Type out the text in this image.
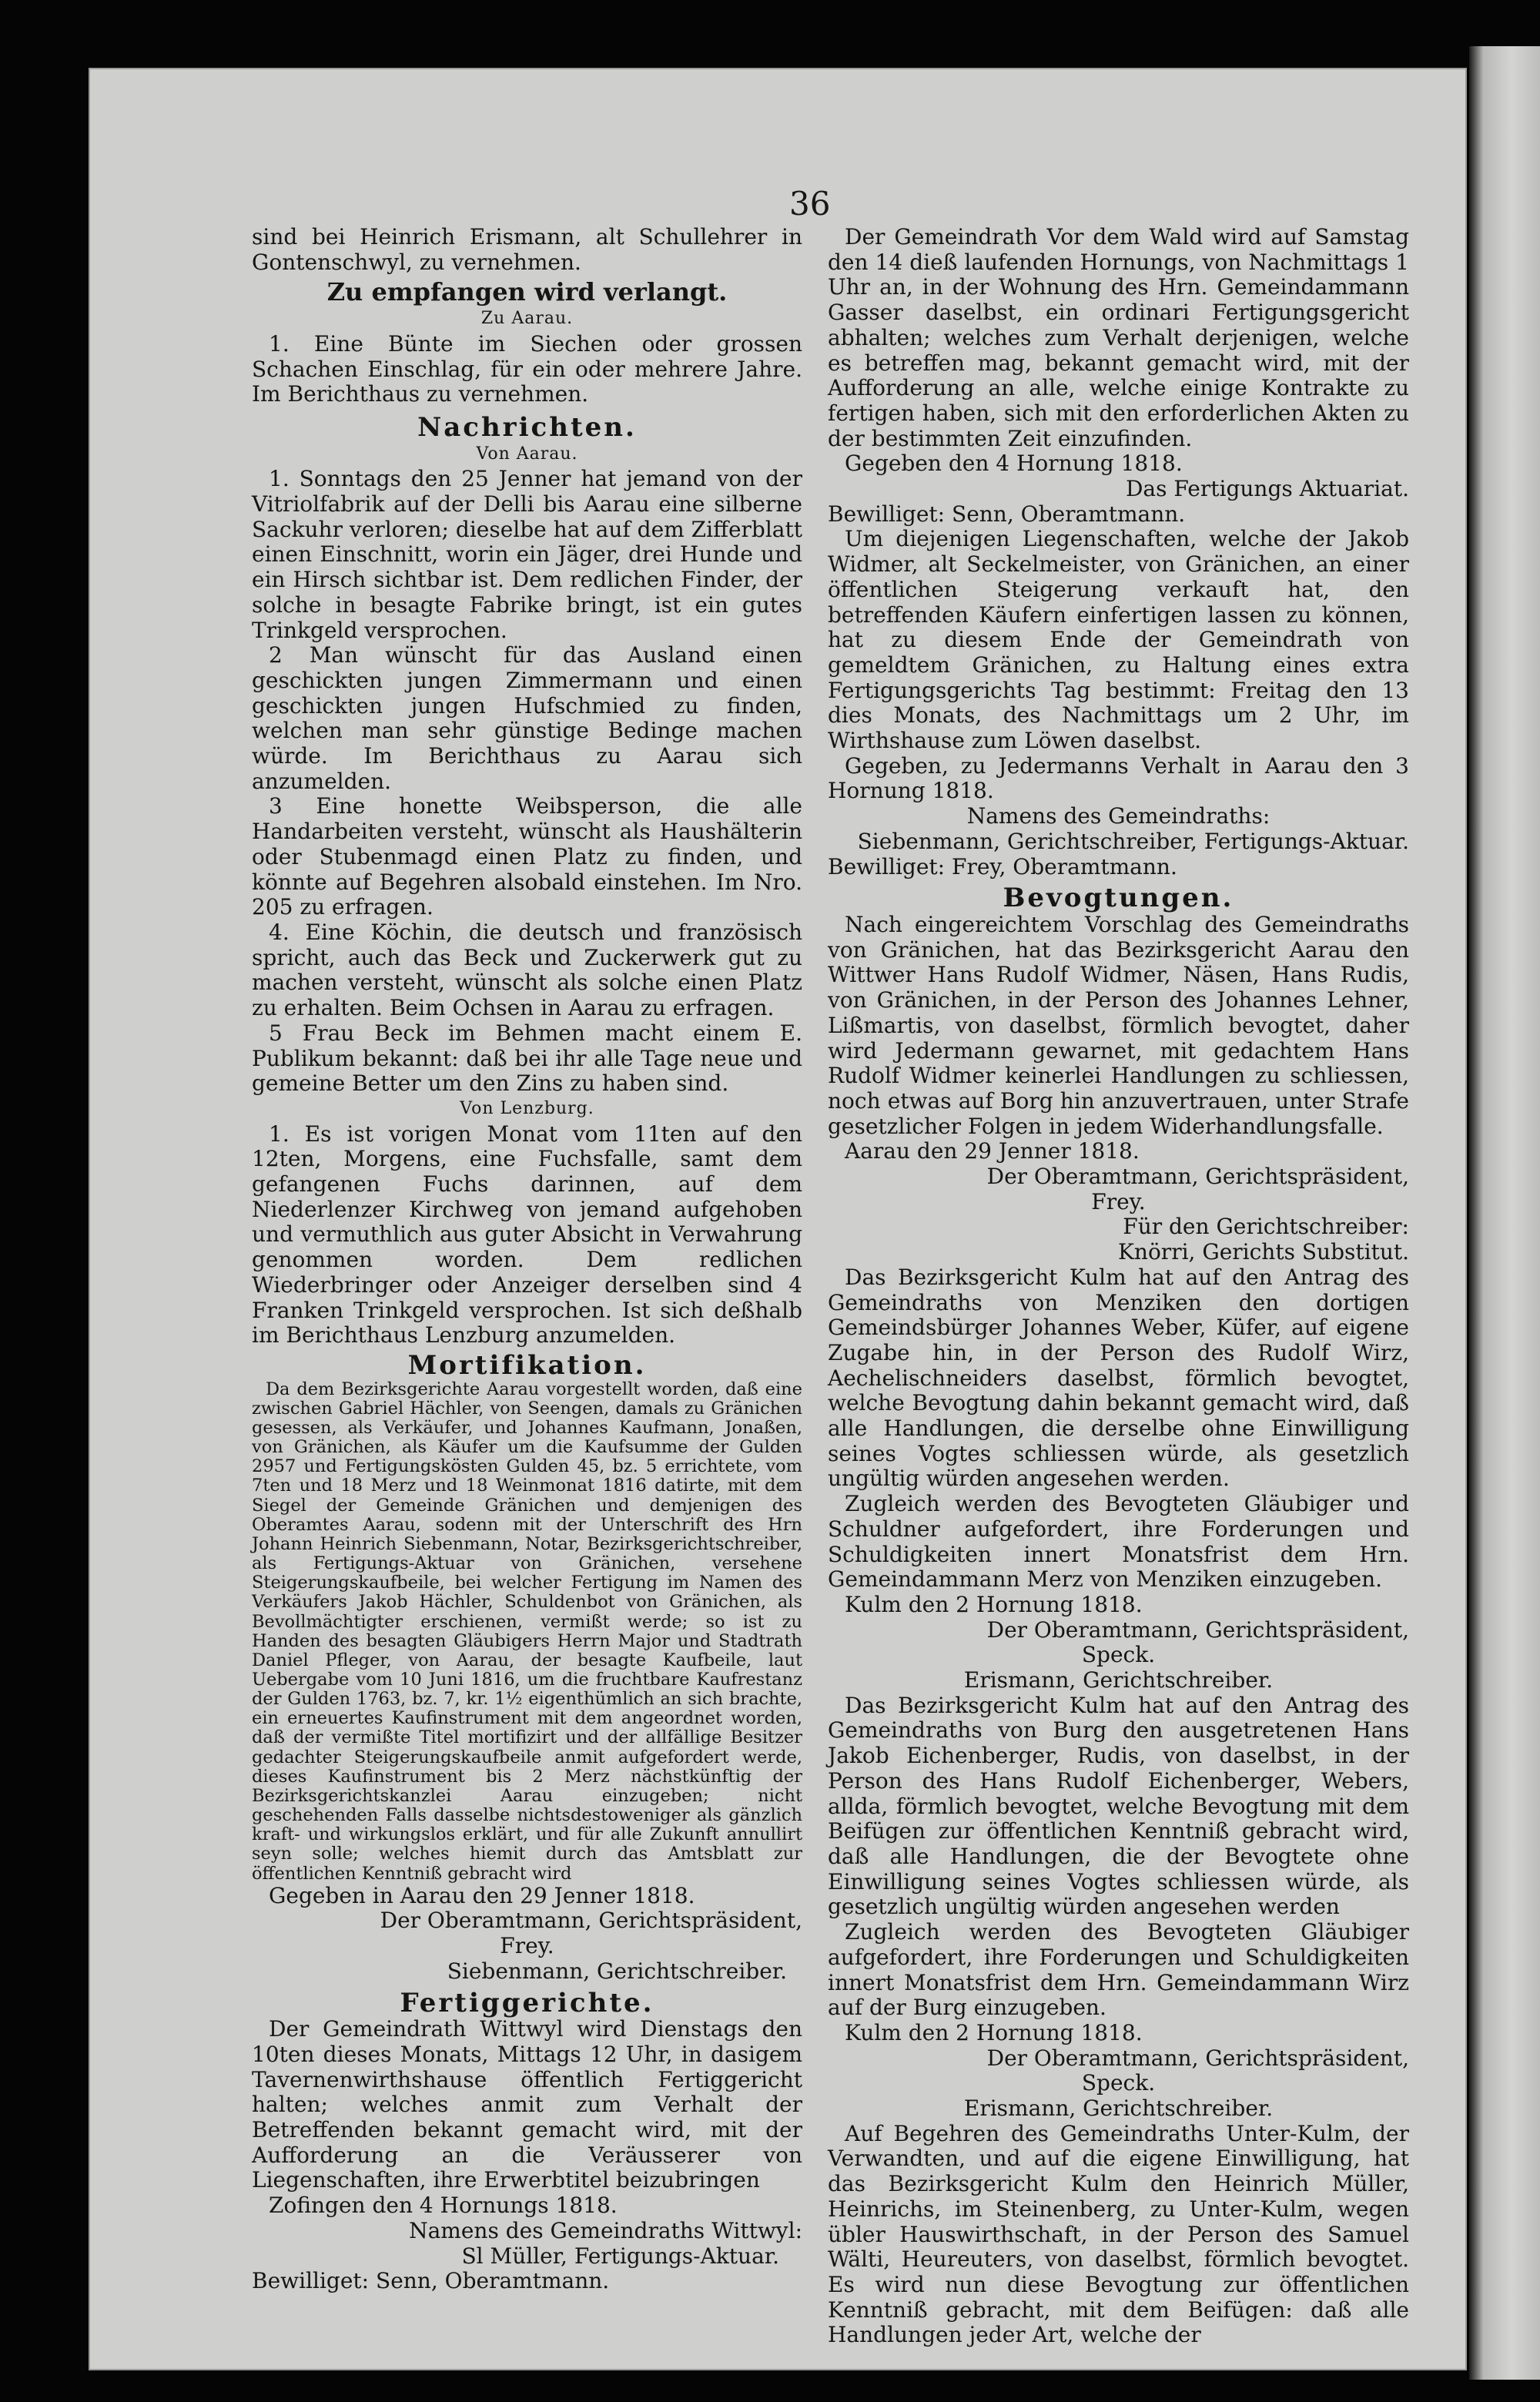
36

sind bei Heinrich Erismann, alt Schullehrer in Gontenschwyl, zu vernehmen.

Zu empfangen wird verlangt.
Zu Aarau.

1. Eine Bünte im Siechen oder grossen Schachen Einschlag, für ein oder mehrere Jahre. Im Berichthaus zu vernehmen.

Nachrichten.
Von Aarau.

1. Sonntags den 25 Jenner hat jemand von der Vitriolfabrik auf der Delli bis Aarau eine silberne Sackuhr verloren; dieselbe hat auf dem Zifferblatt einen Einschnitt, worin ein Jäger, drei Hunde und ein Hirsch sichtbar ist. Dem redlichen Finder, der solche in besagte Fabrike bringt, ist ein gutes Trinkgeld versprochen.

2 Man wünscht für das Ausland einen geschickten jungen Zimmermann und einen geschickten jungen Hufschmied zu finden, welchen man sehr günstige Bedinge machen würde. Im Berichthaus zu Aarau sich anzumelden.

3 Eine honette Weibsperson, die alle Handarbeiten versteht, wünscht als Haushälterin oder Stubenmagd einen Platz zu finden, und könnte auf Begehren alsobald einstehen. Im Nro. 205 zu erfragen.

4. Eine Köchin, die deutsch und französisch spricht, auch das Beck und Zuckerwerk gut zu machen versteht, wünscht als solche einen Platz zu erhalten. Beim Ochsen in Aarau zu erfragen.

5 Frau Beck im Behmen macht einem E. Publikum bekannt: daß bei ihr alle Tage neue und gemeine Better um den Zins zu haben sind.

Von Lenzburg.

1. Es ist vorigen Monat vom 11ten auf den 12ten, Morgens, eine Fuchsfalle, samt dem gefangenen Fuchs darinnen, auf dem Niederlenzer Kirchweg von jemand aufgehoben und vermuthlich aus guter Absicht in Verwahrung genommen worden. Dem redlichen Wiederbringer oder Anzeiger derselben sind 4 Franken Trinkgeld versprochen. Ist sich deßhalb im Berichthaus Lenzburg anzumelden.

Mortifikation.

Da dem Bezirksgerichte Aarau vorgestellt worden, daß eine zwischen Gabriel Hächler, von Seengen, damals zu Gränichen gesessen, als Verkäufer, und Johannes Kaufmann, Jonaßen, von Gränichen, als Käufer um die Kaufsumme der Gulden 2957 und Fertigungskösten Gulden 45, bz. 5 errichtete, vom 7ten und 18 Merz und 18 Weinmonat 1816 datirte, mit dem Siegel der Gemeinde Gränichen und demjenigen des Oberamtes Aarau, sodenn mit der Unterschrift des Hrn Johann Heinrich Siebenmann, Notar, Bezirksgerichtschreiber, als Fertigungs-Aktuar von Gränichen, versehene Steigerungskaufbeile, bei welcher Fertigung im Namen des Verkäufers Jakob Hächler, Schuldenbot von Gränichen, als Bevollmächtigter erschienen, vermißt werde; so ist zu Handen des besagten Gläubigers Herrn Major und Stadtrath Daniel Pfleger, von Aarau, der besagte Kaufbeile, laut Uebergabe vom 10 Juni 1816, um die fruchtbare Kaufrestanz der Gulden 1763, bz. 7, kr. 1½ eigenthümlich an sich brachte, ein erneuertes Kaufinstrument mit dem angeordnet worden, daß der vermißte Titel mortifizirt und der allfällige Besitzer gedachter Steigerungskaufbeile anmit aufgefordert werde, dieses Kaufinstrument bis 2 Merz nächstkünftig der Bezirksgerichtskanzlei Aarau einzugeben; nicht geschehenden Falls dasselbe nichtsdestoweniger als gänzlich kraft- und wirkungslos erklärt, und für alle Zukunft annullirt seyn solle; welches hiemit durch das Amtsblatt zur öffentlichen Kenntniß gebracht wird

Gegeben in Aarau den 29 Jenner 1818.

Der Oberamtmann, Gerichtspräsident,

Frey.

Siebenmann, Gerichtschreiber.

Fertiggerichte.

Der Gemeindrath Wittwyl wird Dienstags den 10ten dieses Monats, Mittags 12 Uhr, in dasigem Tavernenwirthshause öffentlich Fertiggericht halten; welches anmit zum Verhalt der Betreffenden bekannt gemacht wird, mit der Aufforderung an die Veräusserer von Liegenschaften, ihre Erwerbtitel beizubringen

Zofingen den 4 Hornungs 1818.

Namens des Gemeindraths Wittwyl:

Sl Müller, Fertigungs-Aktuar.

Bewilliget: Senn, Oberamtmann.

Der Gemeindrath Vor dem Wald wird auf Samstag den 14 dieß laufenden Hornungs, von Nachmittags 1 Uhr an, in der Wohnung des Hrn. Gemeindammann Gasser daselbst, ein ordinari Fertigungsgericht abhalten; welches zum Verhalt derjenigen, welche es betreffen mag, bekannt gemacht wird, mit der Aufforderung an alle, welche einige Kontrakte zu fertigen haben, sich mit den erforderlichen Akten zu der bestimmten Zeit einzufinden.

Gegeben den 4 Hornung 1818.

Das Fertigungs Aktuariat.

Bewilliget: Senn, Oberamtmann.

Um diejenigen Liegenschaften, welche der Jakob Widmer, alt Seckelmeister, von Gränichen, an einer öffentlichen Steigerung verkauft hat, den betreffenden Käufern einfertigen lassen zu können, hat zu diesem Ende der Gemeindrath von gemeldtem Gränichen, zu Haltung eines extra Fertigungsgerichts Tag bestimmt: Freitag den 13 dies Monats, des Nachmittags um 2 Uhr, im Wirthshause zum Löwen daselbst.

Gegeben, zu Jedermanns Verhalt in Aarau den 3 Hornung 1818.

Namens des Gemeindraths:

Siebenmann, Gerichtschreiber, Fertigungs-Aktuar.

Bewilliget: Frey, Oberamtmann.

Bevogtungen.

Nach eingereichtem Vorschlag des Gemeindraths von Gränichen, hat das Bezirksgericht Aarau den Wittwer Hans Rudolf Widmer, Näsen, Hans Rudis, von Gränichen, in der Person des Johannes Lehner, Lißmartis, von daselbst, förmlich bevogtet, daher wird Jedermann gewarnet, mit gedachtem Hans Rudolf Widmer keinerlei Handlungen zu schliessen, noch etwas auf Borg hin anzuvertrauen, unter Strafe gesetzlicher Folgen in jedem Widerhandlungsfalle.

Aarau den 29 Jenner 1818.

Der Oberamtmann, Gerichtspräsident,

Frey.

Für den Gerichtschreiber:

Knörri, Gerichts Substitut.

Das Bezirksgericht Kulm hat auf den Antrag des Gemeindraths von Menziken den dortigen Gemeindsbürger Johannes Weber, Küfer, auf eigene Zugabe hin, in der Person des Rudolf Wirz, Aechelischneiders daselbst, förmlich bevogtet, welche Bevogtung dahin bekannt gemacht wird, daß alle Handlungen, die derselbe ohne Einwilligung seines Vogtes schliessen würde, als gesetzlich ungültig würden angesehen werden.

Zugleich werden des Bevogteten Gläubiger und Schuldner aufgefordert, ihre Forderungen und Schuldigkeiten innert Monatsfrist dem Hrn. Gemeindammann Merz von Menziken einzugeben.

Kulm den 2 Hornung 1818.

Der Oberamtmann, Gerichtspräsident,

Speck.

Erismann, Gerichtschreiber.

Das Bezirksgericht Kulm hat auf den Antrag des Gemeindraths von Burg den ausgetretenen Hans Jakob Eichenberger, Rudis, von daselbst, in der Person des Hans Rudolf Eichenberger, Webers, allda, förmlich bevogtet, welche Bevogtung mit dem Beifügen zur öffentlichen Kenntniß gebracht wird, daß alle Handlungen, die der Bevogtete ohne Einwilligung seines Vogtes schliessen würde, als gesetzlich ungültig würden angesehen werden

Zugleich werden des Bevogteten Gläubiger aufgefordert, ihre Forderungen und Schuldigkeiten innert Monatsfrist dem Hrn. Gemeindammann Wirz auf der Burg einzugeben.

Kulm den 2 Hornung 1818.

Der Oberamtmann, Gerichtspräsident,

Speck.

Erismann, Gerichtschreiber.

Auf Begehren des Gemeindraths Unter-Kulm, der Verwandten, und auf die eigene Einwilligung, hat das Bezirksgericht Kulm den Heinrich Müller, Heinrichs, im Steinenberg, zu Unter-Kulm, wegen übler Hauswirthschaft, in der Person des Samuel Wälti, Heureuters, von daselbst, förmlich bevogtet. Es wird nun diese Bevogtung zur öffentlichen Kenntniß gebracht, mit dem Beifügen: daß alle Handlungen jeder Art, welche der
